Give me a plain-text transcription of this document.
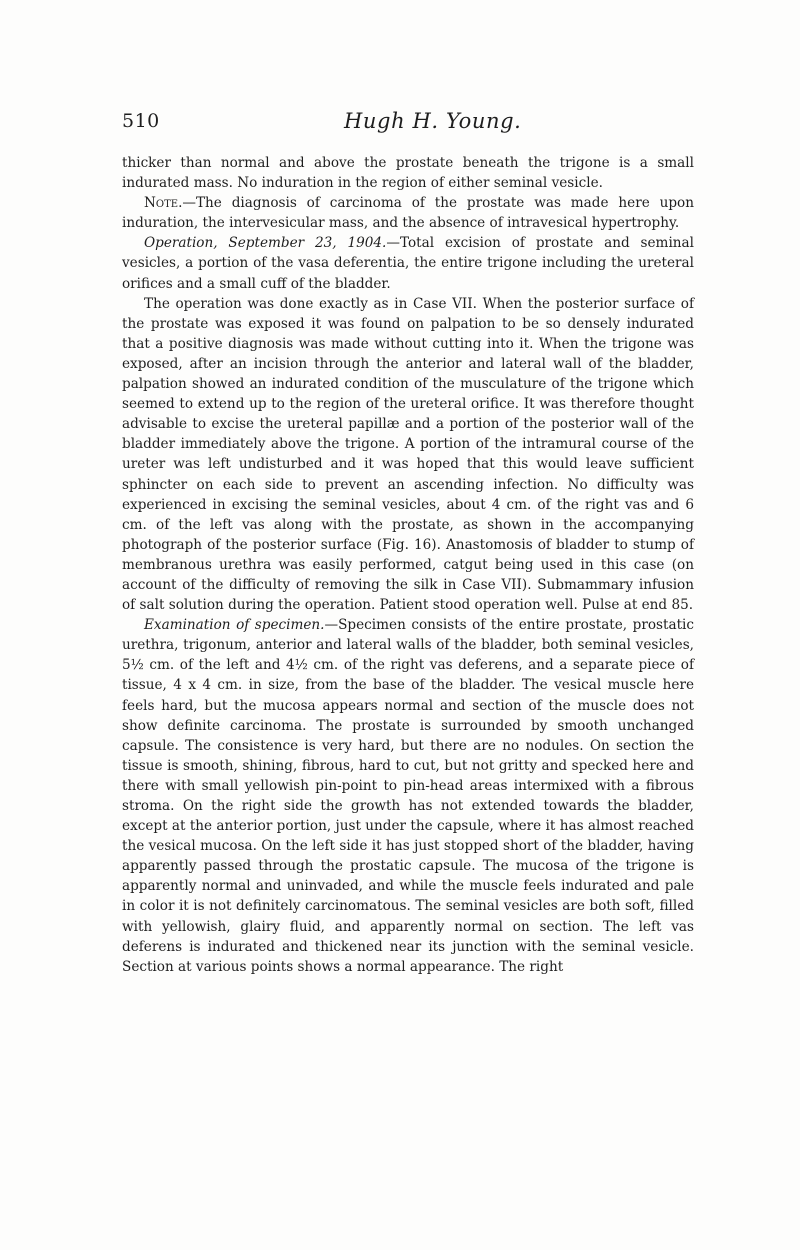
510	Hugh H. Young.

thicker than normal and above the prostate beneath the trigone is a small indurated mass. No induration in the region of either seminal vesicle.

Note.—The diagnosis of carcinoma of the prostate was made here upon induration, the intervesicular mass, and the absence of intravesical hypertrophy.

Operation, September 23, 1904.—Total excision of prostate and seminal vesicles, a portion of the vasa deferentia, the entire trigone including the ureteral orifices and a small cuff of the bladder.

The operation was done exactly as in Case VII. When the posterior surface of the prostate was exposed it was found on palpation to be so densely indurated that a positive diagnosis was made without cutting into it. When the trigone was exposed, after an incision through the anterior and lateral wall of the bladder, palpation showed an indurated condition of the musculature of the trigone which seemed to extend up to the region of the ureteral orifice. It was therefore thought advisable to excise the ureteral papillæ and a portion of the posterior wall of the bladder immediately above the trigone. A portion of the intramural course of the ureter was left undisturbed and it was hoped that this would leave sufficient sphincter on each side to prevent an ascending infection. No difficulty was experienced in excising the seminal vesicles, about 4 cm. of the right vas and 6 cm. of the left vas along with the prostate, as shown in the accompanying photograph of the posterior surface (Fig. 16). Anastomosis of bladder to stump of membranous urethra was easily performed, catgut being used in this case (on account of the difficulty of removing the silk in Case VII). Submammary infusion of salt solution during the operation. Patient stood operation well. Pulse at end 85.

Examination of specimen.—Specimen consists of the entire prostate, prostatic urethra, trigonum, anterior and lateral walls of the bladder, both seminal vesicles, 5½ cm. of the left and 4½ cm. of the right vas deferens, and a separate piece of tissue, 4 x 4 cm. in size, from the base of the bladder. The vesical muscle here feels hard, but the mucosa appears normal and section of the muscle does not show definite carcinoma. The prostate is surrounded by smooth unchanged capsule. The consistence is very hard, but there are no nodules. On section the tissue is smooth, shining, fibrous, hard to cut, but not gritty and specked here and there with small yellowish pin-point to pin-head areas intermixed with a fibrous stroma. On the right side the growth has not extended towards the bladder, except at the anterior portion, just under the capsule, where it has almost reached the vesical mucosa. On the left side it has just stopped short of the bladder, having apparently passed through the prostatic capsule. The mucosa of the trigone is apparently normal and uninvaded, and while the muscle feels indurated and pale in color it is not definitely carcinomatous. The seminal vesicles are both soft, filled with yellowish, glairy fluid, and apparently normal on section. The left vas deferens is indurated and thickened near its junction with the seminal vesicle. Section at various points shows a normal appearance. The right
